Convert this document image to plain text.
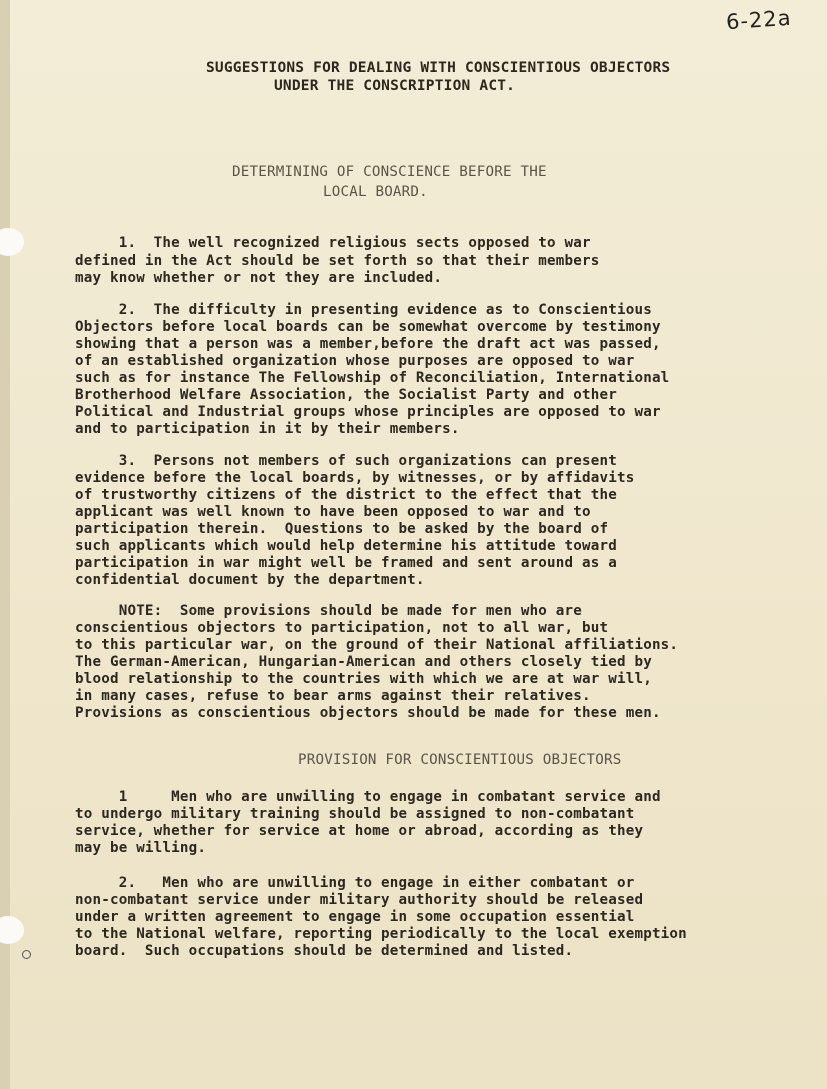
6-22a
SUGGESTIONS FOR DEALING WITH CONSCIENTIOUS OBJECTORS
UNDER THE CONSCRIPTION ACT.
DETERMINING OF CONSCIENCE BEFORE THE
LOCAL BOARD.
1.  The well recognized religious sects opposed to war
defined in the Act should be set forth so that their members
may know whether or not they are included.
2.  The difficulty in presenting evidence as to Conscientious
Objectors before local boards can be somewhat overcome by testimony
showing that a person was a member,before the draft act was passed,
of an established organization whose purposes are opposed to war
such as for instance The Fellowship of Reconciliation, International
Brotherhood Welfare Association, the Socialist Party and other
Political and Industrial groups whose principles are opposed to war
and to participation in it by their members.
3.  Persons not members of such organizations can present
evidence before the local boards, by witnesses, or by affidavits
of trustworthy citizens of the district to the effect that the
applicant was well known to have been opposed to war and to
participation therein.  Questions to be asked by the board of
such applicants which would help determine his attitude toward
participation in war might well be framed and sent around as a
confidential document by the department.
NOTE:  Some provisions should be made for men who are
conscientious objectors to participation, not to all war, but
to this particular war, on the ground of their National affiliations.
The German-American, Hungarian-American and others closely tied by
blood relationship to the countries with which we are at war will,
in many cases, refuse to bear arms against their relatives.
Provisions as conscientious objectors should be made for these men.
PROVISION FOR CONSCIENTIOUS OBJECTORS
1     Men who are unwilling to engage in combatant service and
to undergo military training should be assigned to non-combatant
service, whether for service at home or abroad, according as they
may be willing.
2.   Men who are unwilling to engage in either combatant or
non-combatant service under military authority should be released
under a written agreement to engage in some occupation essential
to the National welfare, reporting periodically to the local exemption
board.  Such occupations should be determined and listed.
